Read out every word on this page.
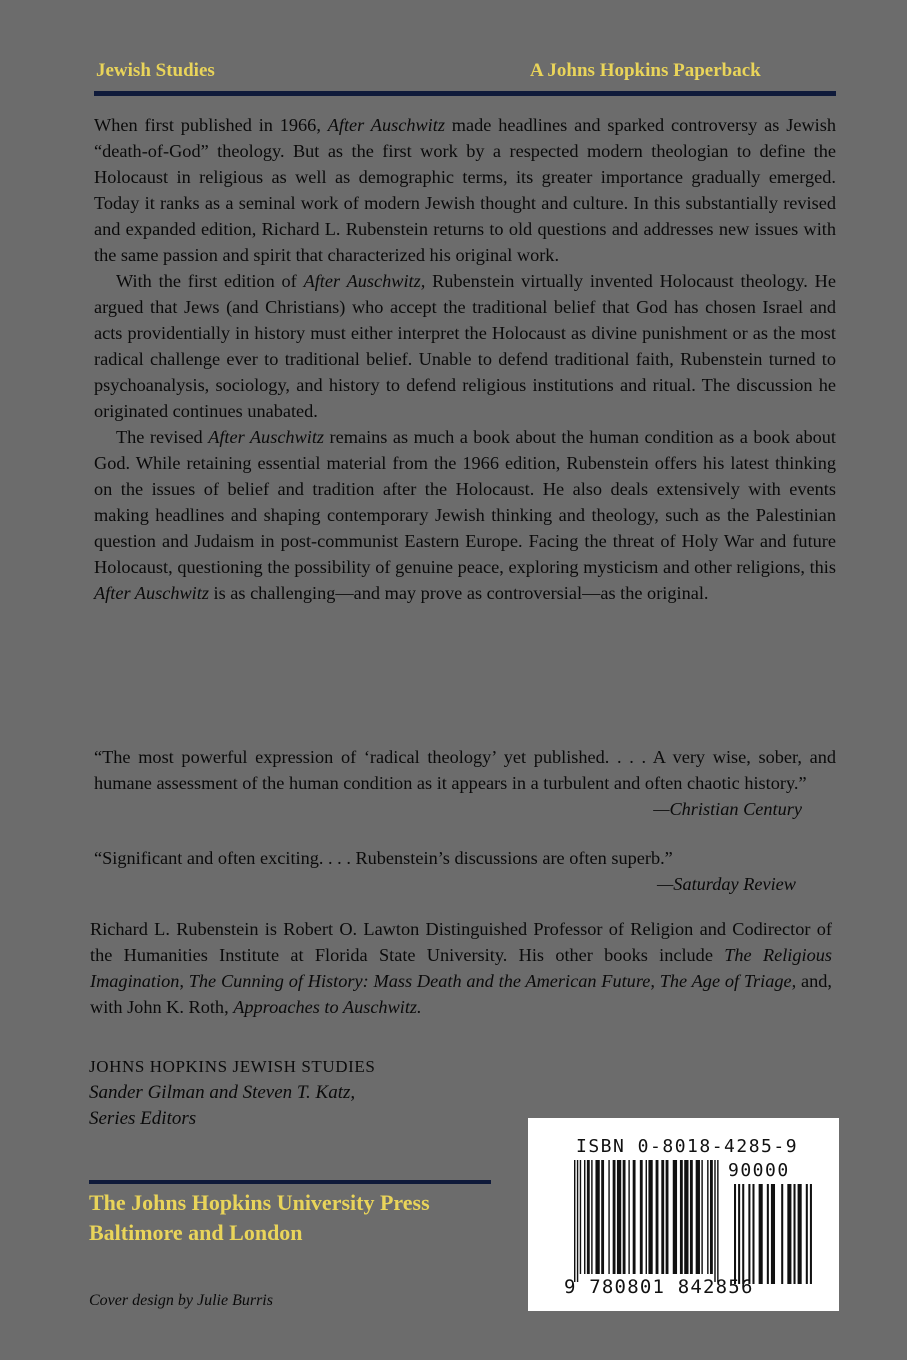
Jewish Studies	A Johns Hopkins Paperback

When first published in 1966, After Auschwitz made headlines and sparked controversy as Jewish “death-of-God” theology. But as the first work by a respected modern theologian to define the Holocaust in religious as well as demographic terms, its greater importance gradually emerged. Today it ranks as a seminal work of modern Jewish thought and culture. In this substantially revised and expanded edition, Richard L. Rubenstein returns to old questions and addresses new issues with the same passion and spirit that characterized his original work.

With the first edition of After Auschwitz, Rubenstein virtually invented Holocaust theology. He argued that Jews (and Christians) who accept the traditional belief that God has chosen Israel and acts providentially in history must either interpret the Holocaust as divine punishment or as the most radical challenge ever to traditional belief. Unable to defend traditional faith, Rubenstein turned to psychoanalysis, sociology, and history to defend religious institutions and ritual. The discussion he originated continues unabated.

The revised After Auschwitz remains as much a book about the human condition as a book about God. While retaining essential material from the 1966 edition, Rubenstein offers his latest thinking on the issues of belief and tradition after the Holocaust. He also deals extensively with events making headlines and shaping contemporary Jewish thinking and theology, such as the Palestinian question and Judaism in post-communist Eastern Europe. Facing the threat of Holy War and future Holocaust, questioning the possibility of genuine peace, exploring mysticism and other religions, this After Auschwitz is as challenging—and may prove as controversial—as the original.

“The most powerful expression of ‘radical theology’ yet published. . . . A very wise, sober, and humane assessment of the human condition as it appears in a turbulent and often chaotic history.”

—Christian Century

“Significant and often exciting. . . . Rubenstein’s discussions are often superb.”

—Saturday Review

Richard L. Rubenstein is Robert O. Lawton Distinguished Professor of Religion and Codirector of the Humanities Institute at Florida State University. His other books include The Religious Imagination, The Cunning of History: Mass Death and the American Future, The Age of Triage, and, with John K. Roth, Approaches to Auschwitz.

JOHNS HOPKINS JEWISH STUDIES

Sander Gilman and Steven T. Katz,

Series Editors

The Johns Hopkins University Press

Baltimore and London

Cover design by Julie Burris

ISBN 0-8018-4285-9
90000
9 780801 842856
